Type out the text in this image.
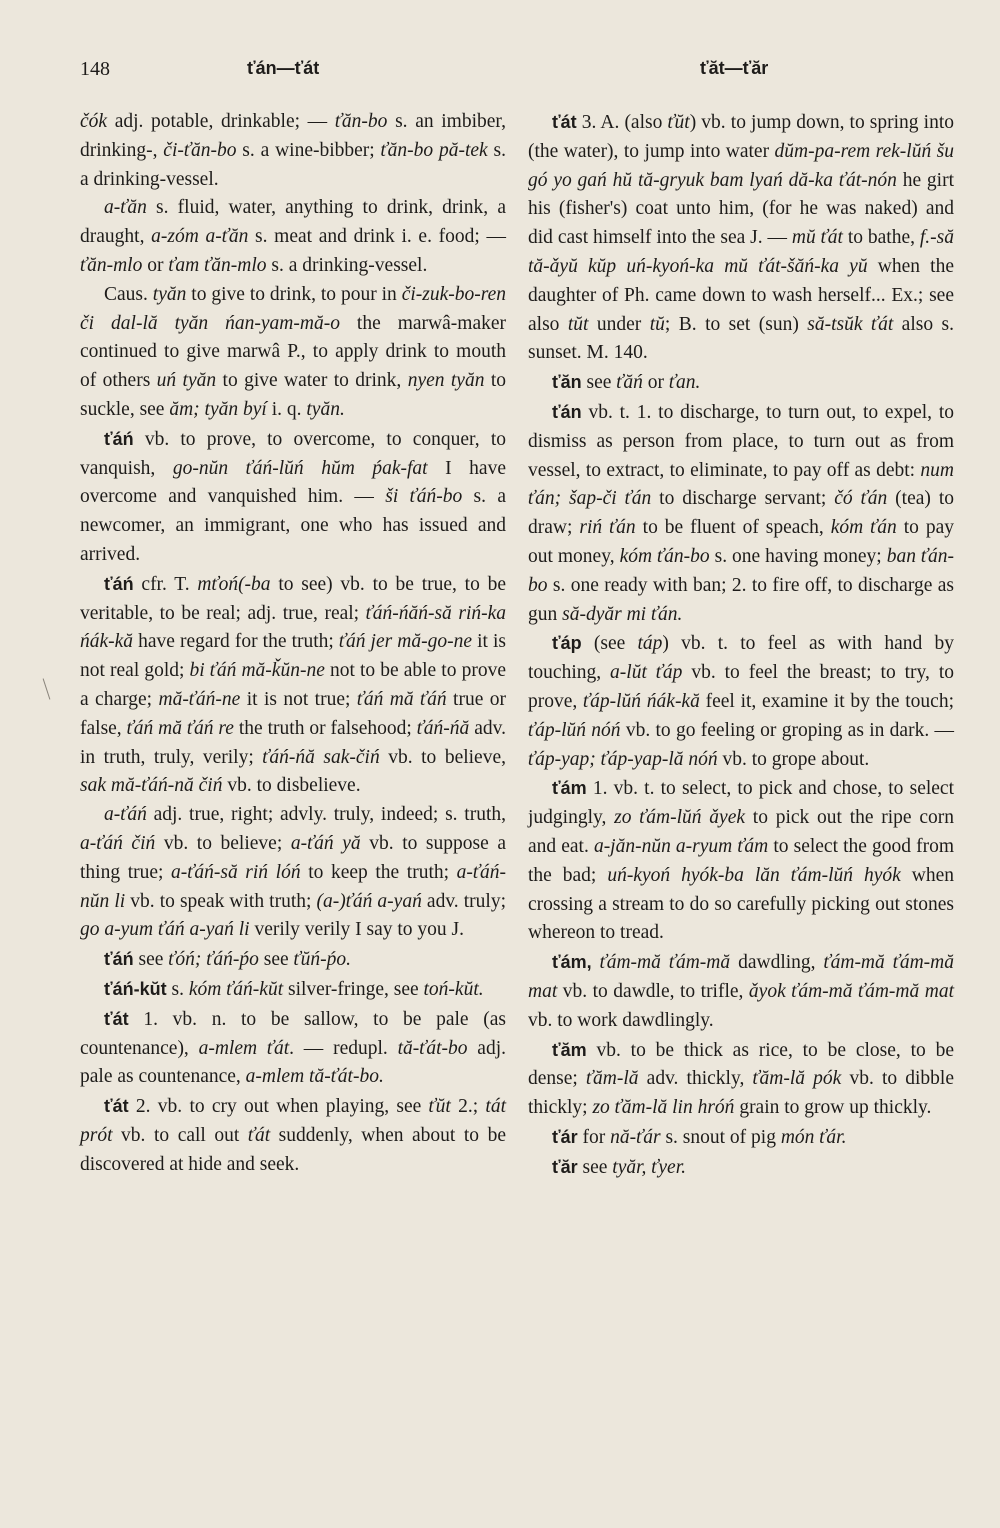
148	ťán—ťát	ťăt—ťăr

čók adj. potable, drinkable; — ťăn-bo s. an imbiber, drinking-, či-ťăn-bo s. a wine-bibber; ťăn-bo pă-tek s. a drinking-vessel.

a-ťăn s. fluid, water, anything to drink, drink, a draught, a-zóm a-ťăn s. meat and drink i. e. food; — ťăn-mlo or ťam ťăn-mlo s. a drinking-vessel.

Caus. tyăn to give to drink, to pour in či-zuk-bo-ren či dal-lă tyăn ńan-yam-mă-o the marwâ-maker continued to give marwâ P., to apply drink to mouth of others uń tyăn to give water to drink, nyen tyăn to suckle, see ăm; tyăn byí i. q. tyăn.

ťáń vb. to prove, to overcome, to conquer, to vanquish, go-nŭn ťáń-lŭń hŭm ṕak-fat I have overcome and vanquished him. — ši ťáń-bo s. a newcomer, an immigrant, one who has issued and arrived.

ťáń cfr. T. mťoń(-ba to see) vb. to be true, to be veritable, to be real; adj. true, real; ťáń-ńăń-să riń-ka ńák-kă have regard for the truth; ťáń jer mă-go-ne it is not real gold; bi ťáń mă-ǩŭn-ne not to be able to prove a charge; mă-ťáń-ne it is not true; ťáń mă ťáń true or false, ťáń mă ťáń re the truth or falsehood; ťáń-ńă adv. in truth, truly, verily; ťáń-ńă sak-čiń vb. to believe, sak mă-ťáń-nă čiń vb. to disbelieve.

a-ťáń adj. true, right; advly. truly, indeed; s. truth, a-ťáń čiń vb. to believe; a-ťáń yă vb. to suppose a thing true; a-ťáń-să riń lóń to keep the truth; a-ťáń-nŭn li vb. to speak with truth; (a-)ťáń a-yań adv. truly; go a-yum ťáń a-yań li verily verily I say to you J.

ťáń see ťóń; ťáń-ṕo see ťŭń-ṕo.

ťáń-kŭt s. kóm ťáń-kŭt silver-fringe, see toń-kŭt.

ťát 1. vb. n. to be sallow, to be pale (as countenance), a-mlem ťát. — redupl. tă-ťát-bo adj. pale as countenance, a-mlem tă-ťát-bo.

ťát 2. vb. to cry out when playing, see ťŭt 2.; tát prót vb. to call out ťát suddenly, when about to be discovered at hide and seek.

ťát 3. A. (also ťŭt) vb. to jump down, to spring into (the water), to jump into water dŭm-pa-rem rek-lŭń šu gó yo gań hŭ tă-gryuk bam lyań dă-ka ťát-nón he girt his (fisher's) coat unto him, (for he was naked) and did cast himself into the sea J. — mŭ ťát to bathe, f.-să tă-ǎyŭ kŭp uń-kyoń-ka mŭ ťát-šăń-ka yŭ when the daughter of Ph. came down to wash herself... Ex.; see also tŭt under tŭ; B. to set (sun) să-tsŭk ťát also s. sunset. M. 140.

ťăn see ťăń or ťan.

ťán vb. t. 1. to discharge, to turn out, to expel, to dismiss as person from place, to turn out as from vessel, to extract, to eliminate, to pay off as debt: num ťán; šap-či ťán to discharge servant; čó ťán (tea) to draw; riń ťán to be fluent of speach, kóm ťán to pay out money, kóm ťán-bo s. one having money; ban ťán-bo s. one ready with ban; 2. to fire off, to discharge as gun să-dyăr mi ťán.

ťáp (see táp) vb. t. to feel as with hand by touching, a-lŭt ťáp vb. to feel the breast; to try, to prove, ťáp-lŭń ńák-kă feel it, examine it by the touch; ťáp-lŭń nóń vb. to go feeling or groping as in dark. — ťáp-yap; ťáp-yap-lă nóń vb. to grope about.

ťám 1. vb. t. to select, to pick and chose, to select judgingly, zo ťám-lŭń ǎyek to pick out the ripe corn and eat. a-jăn-nŭn a-ryum ťám to select the good from the bad; uń-kyoń hyók-ba lăn ťám-lŭń hyók when crossing a stream to do so carefully picking out stones whereon to tread.

ťám, ťám-mă ťám-mă dawdling, ťám-mă ťám-mă mat vb. to dawdle, to trifle, ǎyok ťám-mă ťám-mă mat vb. to work dawdlingly.

ťăm vb. to be thick as rice, to be close, to be dense; ťăm-lă adv. thickly, ťăm-lă pók vb. to dibble thickly; zo ťăm-lă lin hróń grain to grow up thickly.

ťár for nă-ťár s. snout of pig món ťár.

ťăr see tyăr, ťyer.
